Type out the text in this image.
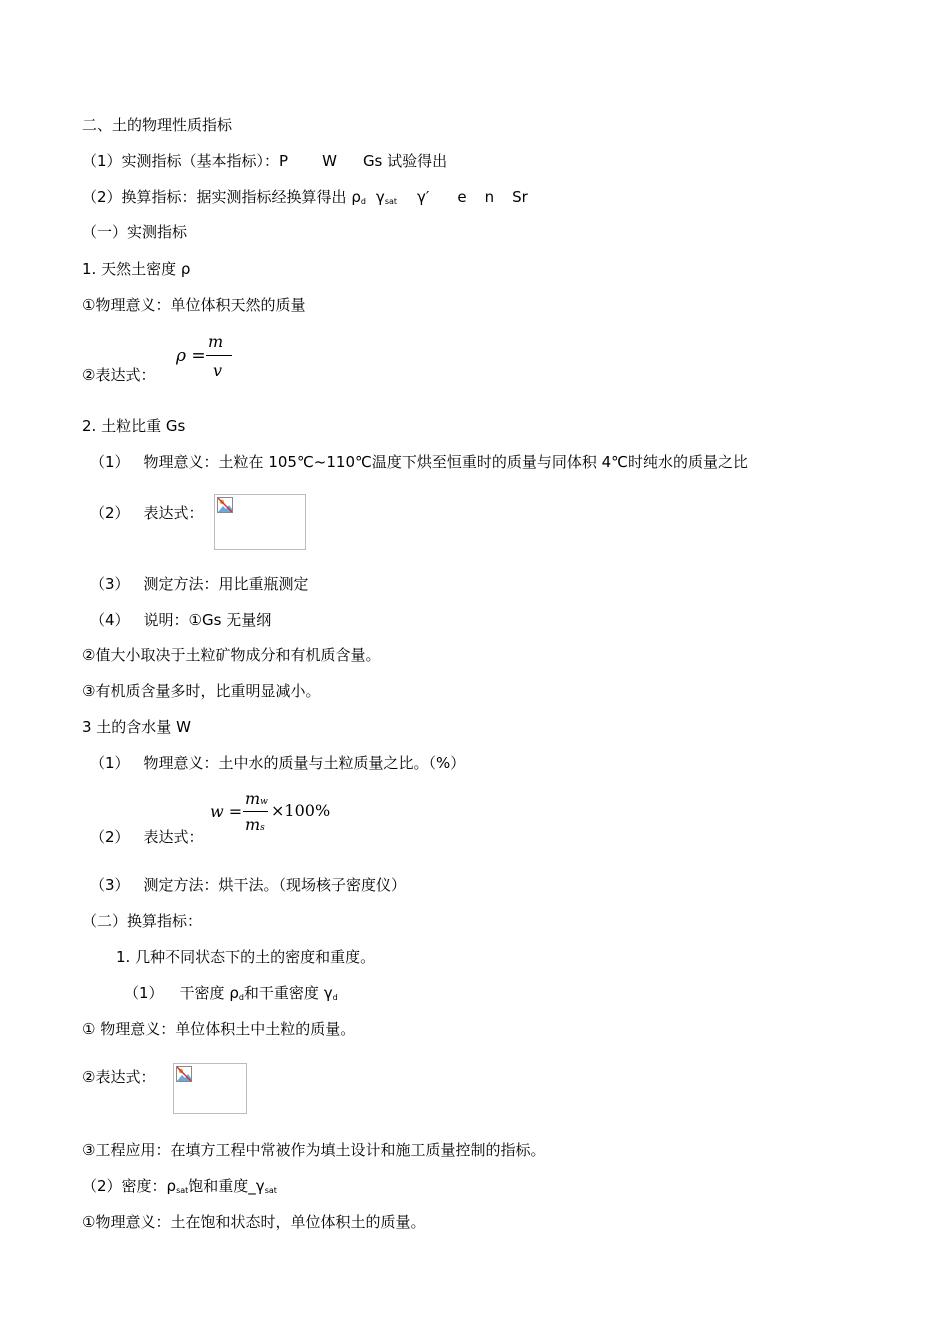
二、土的物理性质指标
（1）实测指标（基本指标）：P W Gs 试验得出
（2）换算指标：据实测指标经换算得出 $\rho_d$ $\gamma_{sat}$ γ′ e n Sr
（一）实测指标
1. 天然土密度 ρ
①物理意义：单位体积天然的质量
②表达式：
ρ =
m
v
2. 土粒比重 Gs
（1） 物理意义：土粒在 105℃~110℃温度下烘至恒重时的质量与同体积 4℃时纯水的质量之比
（2） 表达式：
（3） 测定方法：用比重瓶测定
（4） 说明：①Gs 无量纲
②值大小取决于土粒矿物成分和有机质含量。
③有机质含量多时，比重明显减小。
3 土的含水量 W
（1） 物理意义：土中水的质量与土粒质量之比。（%）
（2） 表达式：
w =
mw
ms
×100%
（3） 测定方法：烘干法。（现场核子密度仪）
（二）换算指标：
1. 几种不同状态下的土的密度和重度。
（1） 干密度 $\rho_d$和干重密度 $\gamma_d$
① 物理意义：单位体积土中土粒的质量。
②表达式：
③工程应用：在填方工程中常被作为填土设计和施工质量控制的指标。
（2）密度：$\rho_{sat}$饱和重度$\_\gamma_{sat}$
①物理意义：土在饱和状态时，单位体积土的质量。
